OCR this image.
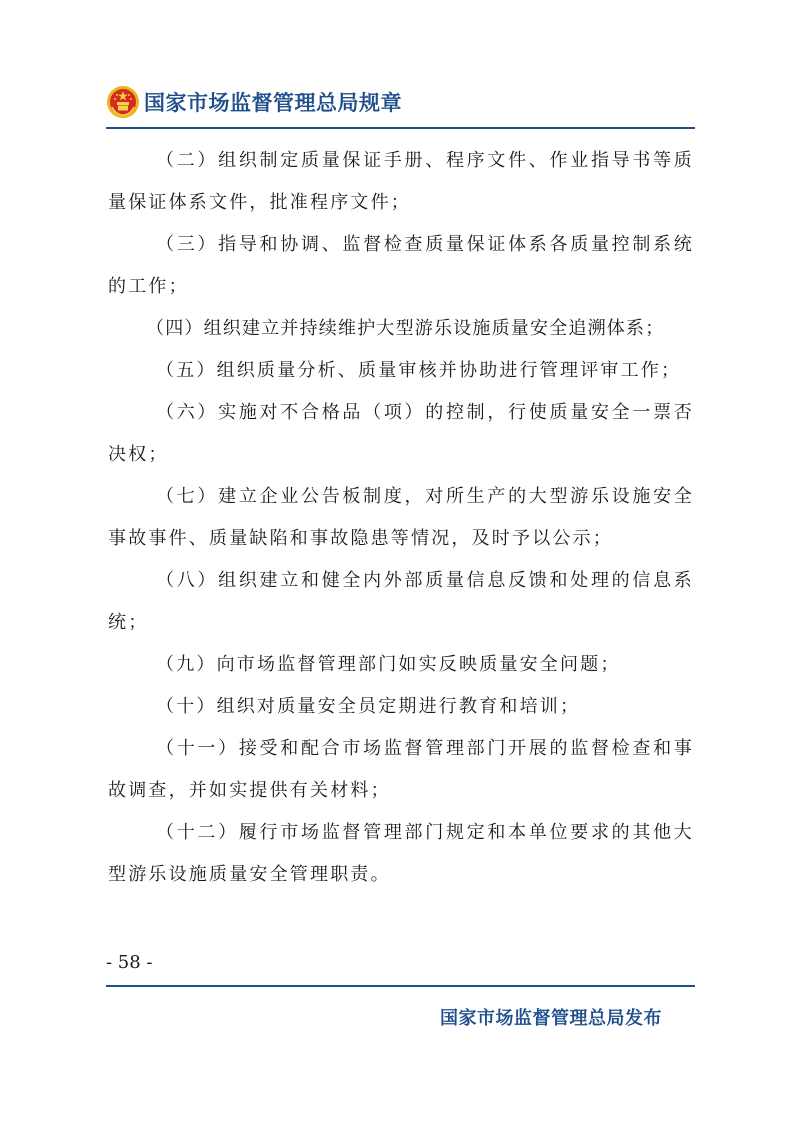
国家市场监督管理总局规章

（二）组织制定质量保证手册、程序文件、作业指导书等质量保证体系文件，批准程序文件；

（三）指导和协调、监督检查质量保证体系各质量控制系统的工作；

（四）组织建立并持续维护大型游乐设施质量安全追溯体系；

（五）组织质量分析、质量审核并协助进行管理评审工作；

（六）实施对不合格品（项）的控制，行使质量安全一票否决权；

（七）建立企业公告板制度，对所生产的大型游乐设施安全事故事件、质量缺陷和事故隐患等情况，及时予以公示；

（八）组织建立和健全内外部质量信息反馈和处理的信息系统；

（九）向市场监督管理部门如实反映质量安全问题；

（十）组织对质量安全员定期进行教育和培训；

（十一）接受和配合市场监督管理部门开展的监督检查和事故调查，并如实提供有关材料；

（十二）履行市场监督管理部门规定和本单位要求的其他大型游乐设施质量安全管理职责。

- 58 -
国家市场监督管理总局发布
